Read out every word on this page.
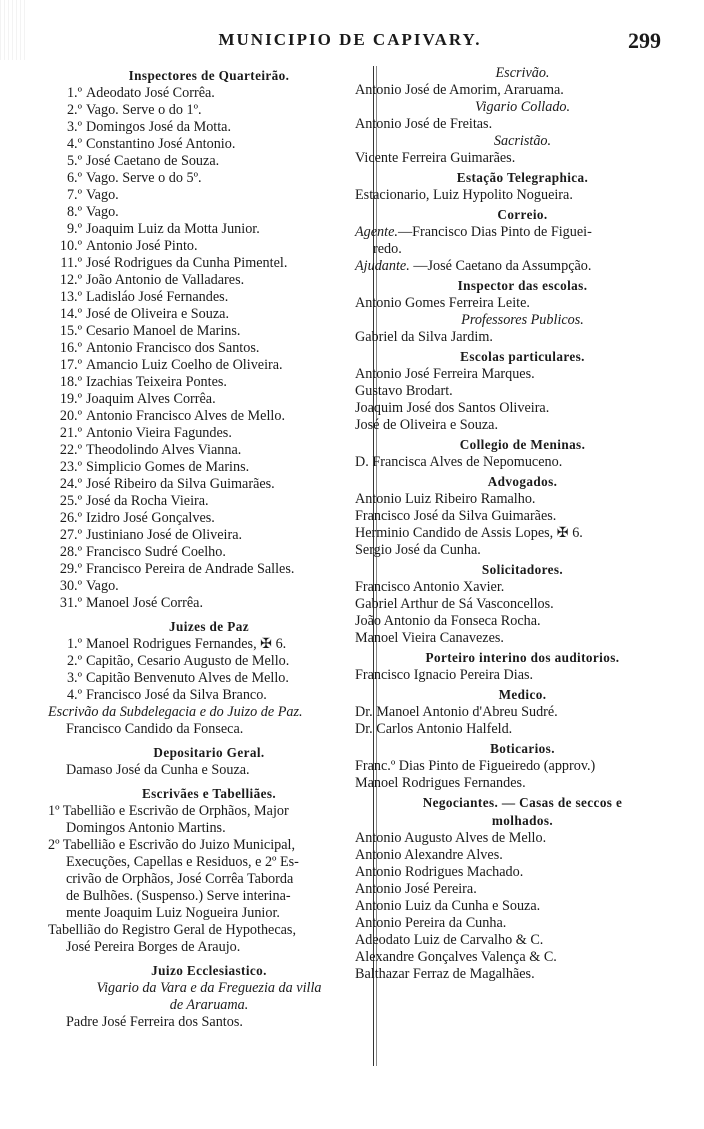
MUNICIPIO DE CAPIVARY.	299
Inspectores de Quarteirão.
1.º Adeodato José Corrêa.
2.º Vago. Serve o do 1º.
3.º Domingos José da Motta.
4.º Constantino José Antonio.
5.º José Caetano de Souza.
6.º Vago. Serve o do 5º.
7.º Vago.
8.º Vago.
9.º Joaquim Luiz da Motta Junior.
10.º Antonio José Pinto.
11.º José Rodrigues da Cunha Pimentel.
12.º João Antonio de Valladares.
13.º Ladisláo José Fernandes.
14.º José de Oliveira e Souza.
15.º Cesario Manoel de Marins.
16.º Antonio Francisco dos Santos.
17.º Amancio Luiz Coelho de Oliveira.
18.º Izachias Teixeira Pontes.
19.º Joaquim Alves Corrêa.
20.º Antonio Francisco Alves de Mello.
21.º Antonio Vieira Fagundes.
22.º Theodolindo Alves Vianna.
23.º Simplicio Gomes de Marins.
24.º José Ribeiro da Silva Guimarães.
25.º José da Rocha Vieira.
26.º Izidro José Gonçalves.
27.º Justiniano José de Oliveira.
28.º Francisco Sudré Coelho.
29.º Francisco Pereira de Andrade Salles.
30.º Vago.
31.º Manoel José Corrêa.
Juizes de Paz
1.º Manoel Rodrigues Fernandes, ✠ 6.
2.º Capitão, Cesario Augusto de Mello.
3.º Capitão Benvenuto Alves de Mello.
4.º Francisco José da Silva Branco.
Escrivão da Subdelegacia e do Juizo de Paz.
Francisco Candido da Fonseca.
Depositario Geral.
Damaso José da Cunha e Souza.
Escrivães e Tabelliães.
1º Tabellião e Escrivão de Orphãos, Major
Domingos Antonio Martins.
2º Tabellião e Escrivão do Juizo Municipal,
Execuções, Capellas e Residuos, e 2º Es-
crivão de Orphãos, José Corrêa Taborda
de Bulhões. (Suspenso.) Serve interina-
mente Joaquim Luiz Nogueira Junior.
Tabellião do Registro Geral de Hypothecas,
José Pereira Borges de Araujo.
Juizo Ecclesiastico.
Vigario da Vara e da Freguezia da villa
de Araruama.
Padre José Ferreira dos Santos.
Escrivão.
Antonio José de Amorim, Araruama.
Vigario Collado.
Antonio José de Freitas.
Sacristão.
Vicente Ferreira Guimarães.
Estação Telegraphica.
Estacionario, Luiz Hypolito Nogueira.
Correio.
Agente.—Francisco Dias Pinto de Figuei-
redo.
Ajudante. —José Caetano da Assumpção.
Inspector das escolas.
Antonio Gomes Ferreira Leite.
Professores Publicos.
Gabriel da Silva Jardim.
Escolas particulares.
Antonio José Ferreira Marques.
Gustavo Brodart.
Joaquim José dos Santos Oliveira.
José de Oliveira e Souza.
Collegio de Meninas.
D. Francisca Alves de Nepomuceno.
Advogados.
Antonio Luiz Ribeiro Ramalho.
Francisco José da Silva Guimarães.
Herminio Candido de Assis Lopes, ✠ 6.
Sergio José da Cunha.
Solicitadores.
Francisco Antonio Xavier.
Gabriel Arthur de Sá Vasconcellos.
João Antonio da Fonseca Rocha.
Manoel Vieira Canavezes.
Porteiro interino dos auditorios.
Francisco Ignacio Pereira Dias.
Medico.
Dr. Manoel Antonio d'Abreu Sudré.
Dr. Carlos Antonio Halfeld.
Boticarios.
Franc.º Dias Pinto de Figueiredo (approv.)
Manoel Rodrigues Fernandes.
Negociantes. — Casas de seccos e
molhados.
Antonio Augusto Alves de Mello.
Antonio Alexandre Alves.
Antonio Rodrigues Machado.
Antonio José Pereira.
Antonio Luiz da Cunha e Souza.
Antonio Pereira da Cunha.
Adeodato Luiz de Carvalho & C.
Alexandre Gonçalves Valença & C.
Balthazar Ferraz de Magalhães.
